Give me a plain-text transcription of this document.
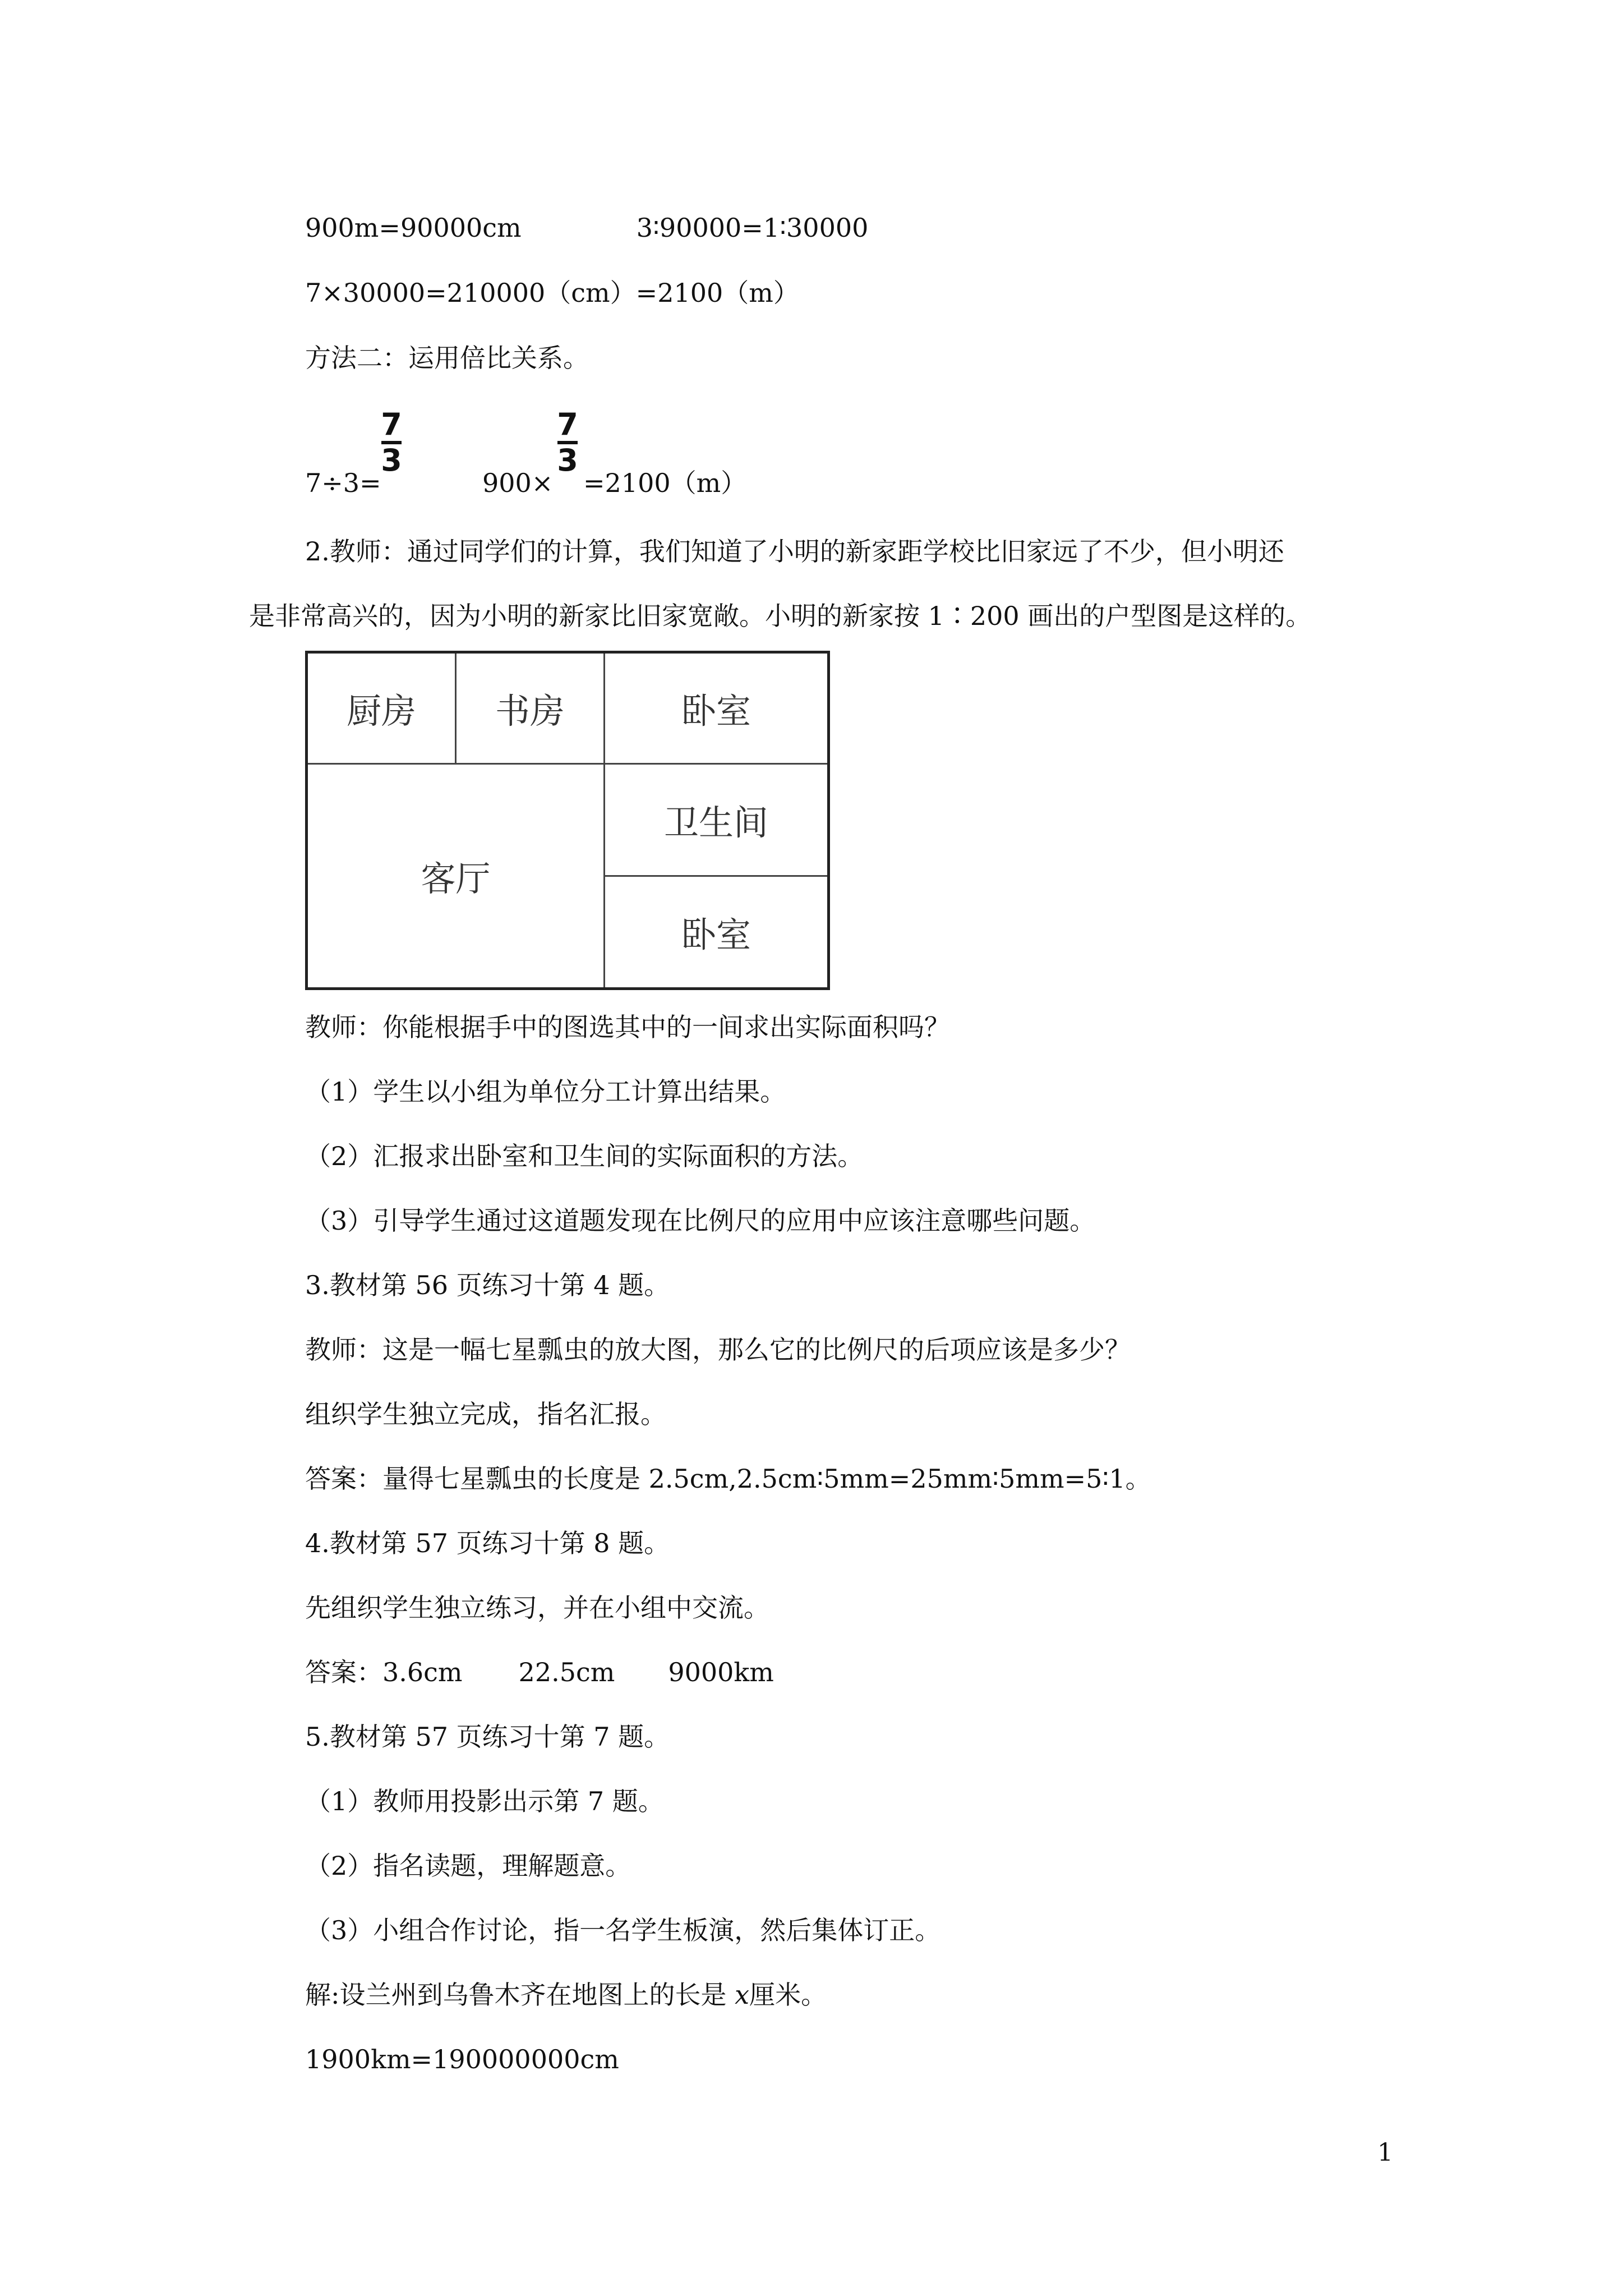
900m=90000cm	3∶90000=1∶30000
7×30000=210000（cm）=2100（m）
方法二：运用倍比关系。
7÷3=
7
3
900×
7
3
=2100（m）
2.教师：通过同学们的计算，我们知道了小明的新家距学校比旧家远了不少，但小明还
是非常高兴的，因为小明的新家比旧家宽敞。小明的新家按 1∶200 画出的户型图是这样的。
厨房	书房	卧室
客厅
卫生间
卧室
教师：你能根据手中的图选其中的一间求出实际面积吗？
（1）学生以小组为单位分工计算出结果。
（2）汇报求出卧室和卫生间的实际面积的方法。
（3）引导学生通过这道题发现在比例尺的应用中应该注意哪些问题。
3.教材第 56 页练习十第 4 题。
教师：这是一幅七星瓢虫的放大图，那么它的比例尺的后项应该是多少？
组织学生独立完成，指名汇报。
答案：量得七星瓢虫的长度是 2.5cm,2.5cm∶5mm=25mm∶5mm=5∶1。
4.教材第 57 页练习十第 8 题。
先组织学生独立练习，并在小组中交流。
答案：3.6cm 22.5cm 9000km
5.教材第 57 页练习十第 7 题。
（1）教师用投影出示第 7 题。
（2）指名读题，理解题意。
（3）小组合作讨论，指一名学生板演，然后集体订正。
解:设兰州到乌鲁木齐在地图上的长是 x厘米。
1900km=190000000cm
1
